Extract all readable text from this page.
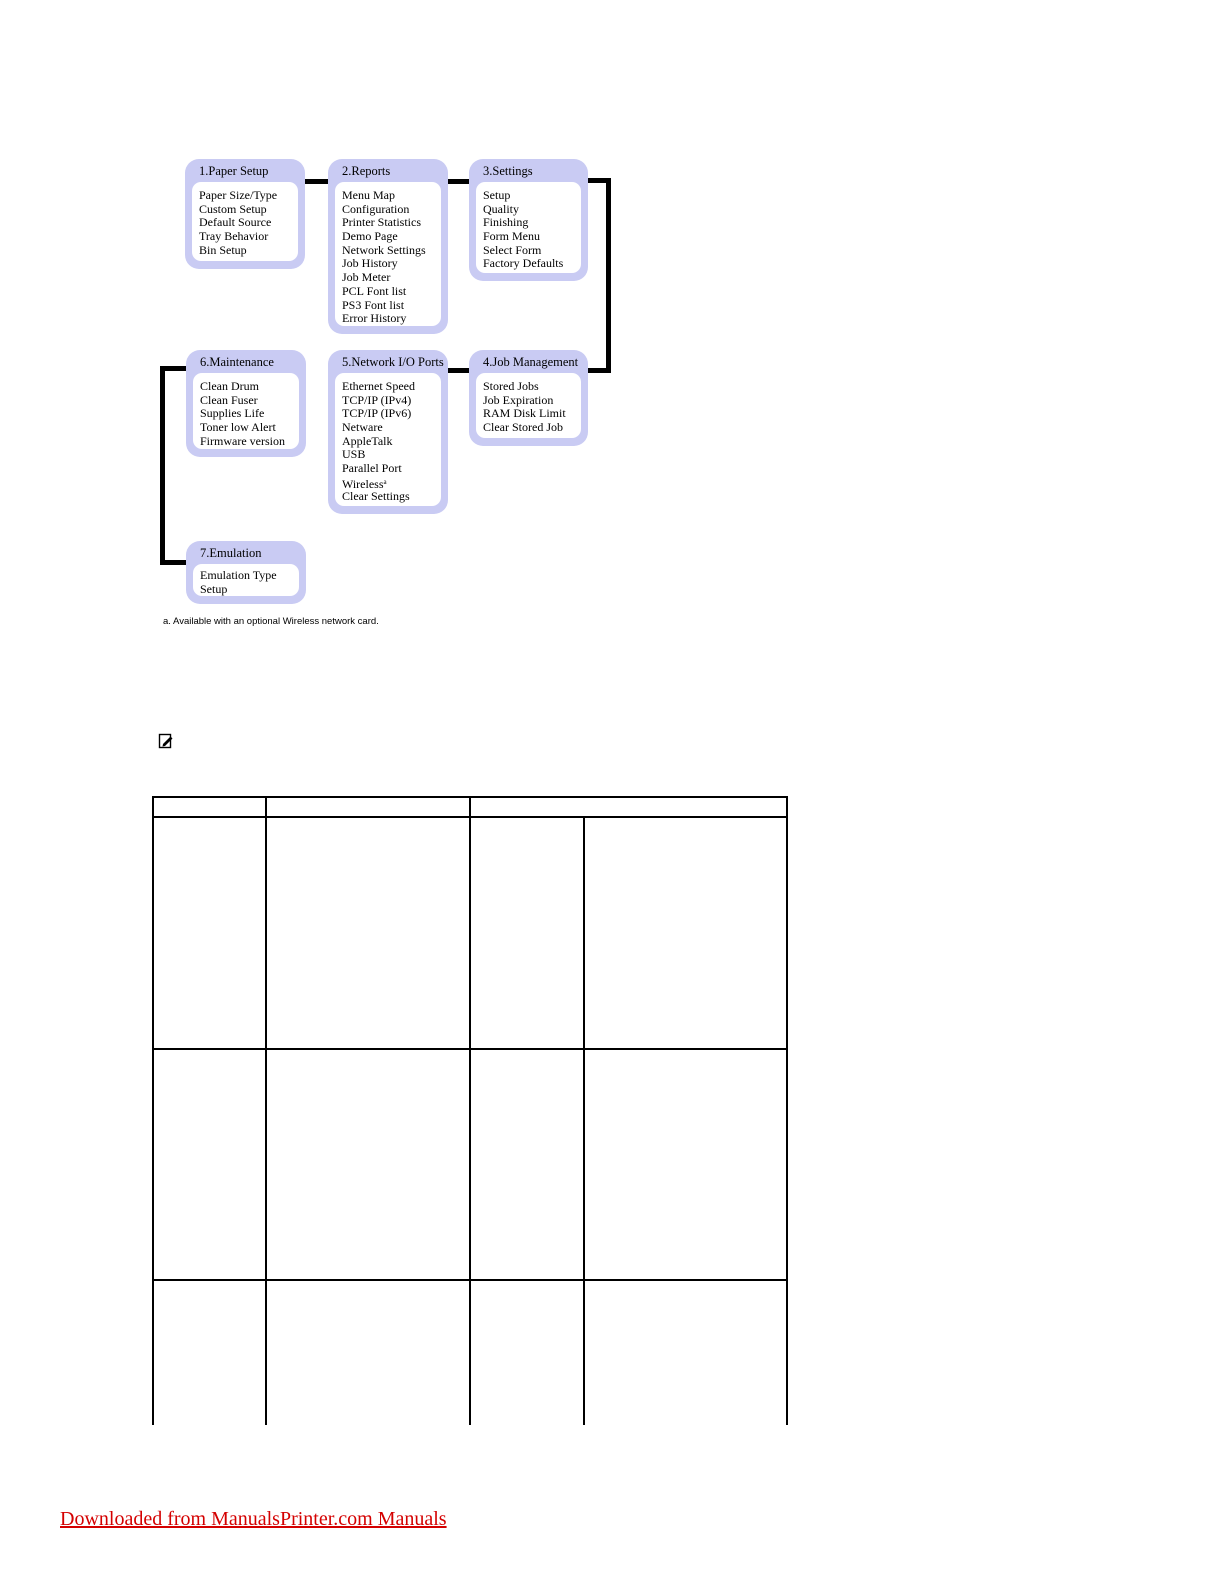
1.Paper Setup
Paper Size/Type
Custom Setup
Default Source
Tray Behavior
Bin Setup
2.Reports
Menu Map
Configuration
Printer Statistics
Demo Page
Network Settings
Job History
Job Meter
PCL Font list
PS3 Font list
Error History
3.Settings
Setup
Quality
Finishing
Form Menu
Select Form
Factory Defaults
4.Job Management
Stored Jobs
Job Expiration
RAM Disk Limit
Clear Stored Job
5.Network I/O Ports
Ethernet Speed
TCP/IP (IPv4)
TCP/IP (IPv6)
Netware
AppleTalk
USB
Parallel Port
Wireless$^a$
Clear Settings
6.Maintenance
Clean Drum
Clean Fuser
Supplies Life
Toner low Alert
Firmware version
7.Emulation
Emulation Type
Setup
a. Available with an optional Wireless network card.
Downloaded from ManualsPrinter.com Manuals
